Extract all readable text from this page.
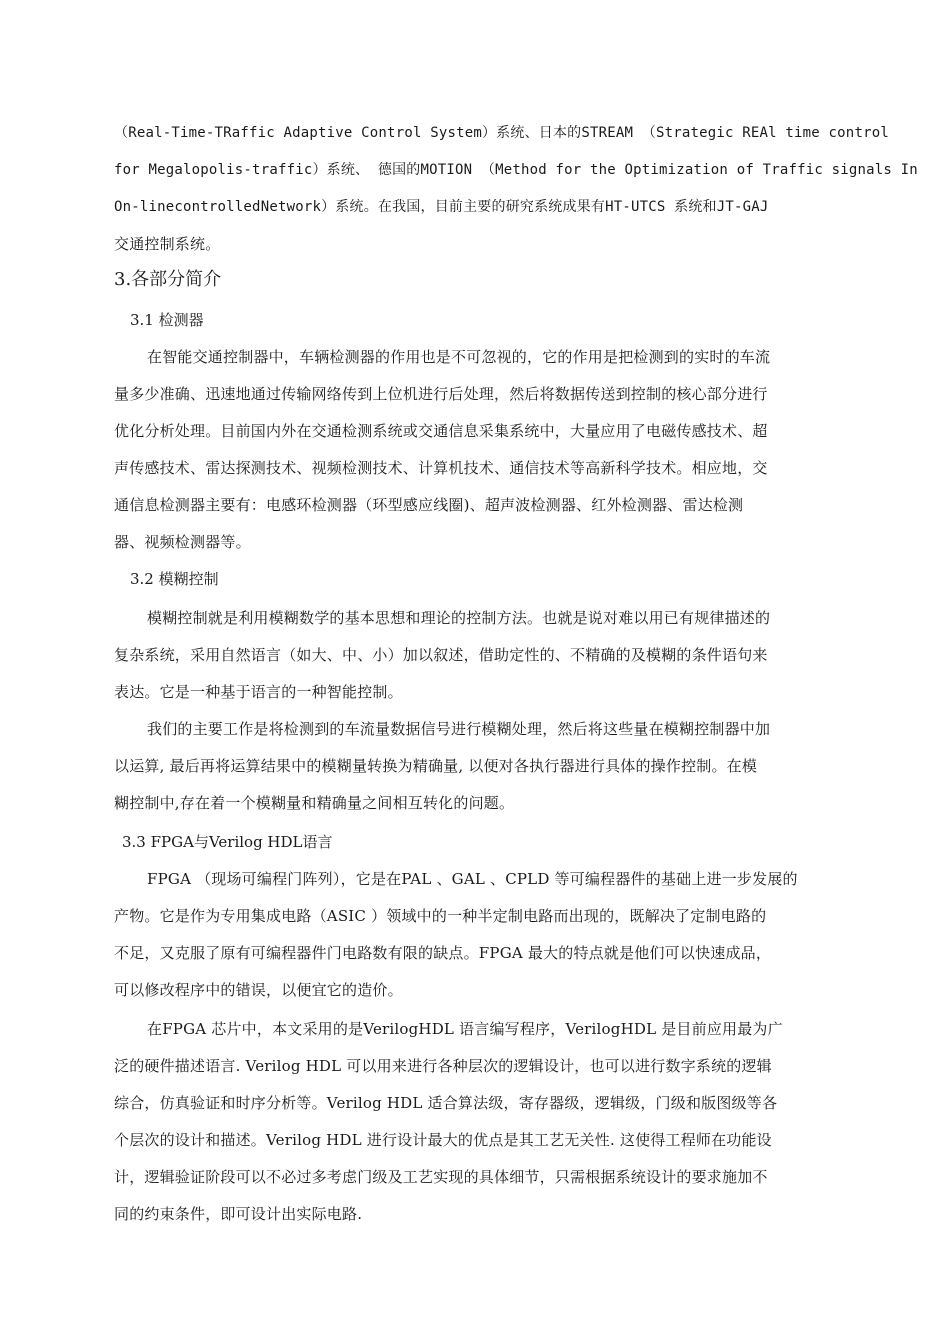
（Real-Time-TRaffic Adaptive Control System）系统、日本的STREAM （Strategic REAl time control
for Megalopolis-traffic）系统、 德国的MOTION （Method for the Optimization of Traffic signals In
On-linecontrolledNetwork）系统。在我国，目前主要的研究系统成果有HT-UTCS 系统和JT-GAJ
交通控制系统。
3.各部分简介
3.1 检测器
在智能交通控制器中，车辆检测器的作用也是不可忽视的，它的作用是把检测到的实时的车流
量多少准确、迅速地通过传输网络传到上位机进行后处理，然后将数据传送到控制的核心部分进行
优化分析处理。目前国内外在交通检测系统或交通信息采集系统中，大量应用了电磁传感技术、超
声传感技术、雷达探测技术、视频检测技术、计算机技术、通信技术等高新科学技术。相应地，交
通信息检测器主要有：电感环检测器（环型感应线圈)、超声波检测器、红外检测器、雷达检测
器、视频检测器等。
3.2 模糊控制
模糊控制就是利用模糊数学的基本思想和理论的控制方法。也就是说对难以用已有规律描述的
复杂系统，采用自然语言（如大、中、小）加以叙述，借助定性的、不精确的及模糊的条件语句来
表达。它是一种基于语言的一种智能控制。
我们的主要工作是将检测到的车流量数据信号进行模糊处理，然后将这些量在模糊控制器中加
以运算, 最后再将运算结果中的模糊量转换为精确量, 以便对各执行器进行具体的操作控制。在模
糊控制中,存在着一个模糊量和精确量之间相互转化的问题。
3.3 FPGA与Verilog HDL语言
FPGA （现场可编程门阵列），它是在PAL 、GAL 、CPLD 等可编程器件的基础上进一步发展的
产物。它是作为专用集成电路（ASIC ）领域中的一种半定制电路而出现的，既解决了定制电路的
不足，又克服了原有可编程器件门电路数有限的缺点。FPGA 最大的特点就是他们可以快速成品，
可以修改程序中的错误，以便宜它的造价。
在FPGA 芯片中，本文采用的是VerilogHDL 语言编写程序，VerilogHDL 是目前应用最为广
泛的硬件描述语言. Verilog HDL 可以用来进行各种层次的逻辑设计，也可以进行数字系统的逻辑
综合，仿真验证和时序分析等。Verilog HDL 适合算法级，寄存器级，逻辑级，门级和版图级等各
个层次的设计和描述。Verilog HDL 进行设计最大的优点是其工艺无关性. 这使得工程师在功能设
计，逻辑验证阶段可以不必过多考虑门级及工艺实现的具体细节，只需根据系统设计的要求施加不
同的约束条件，即可设计出实际电路.
